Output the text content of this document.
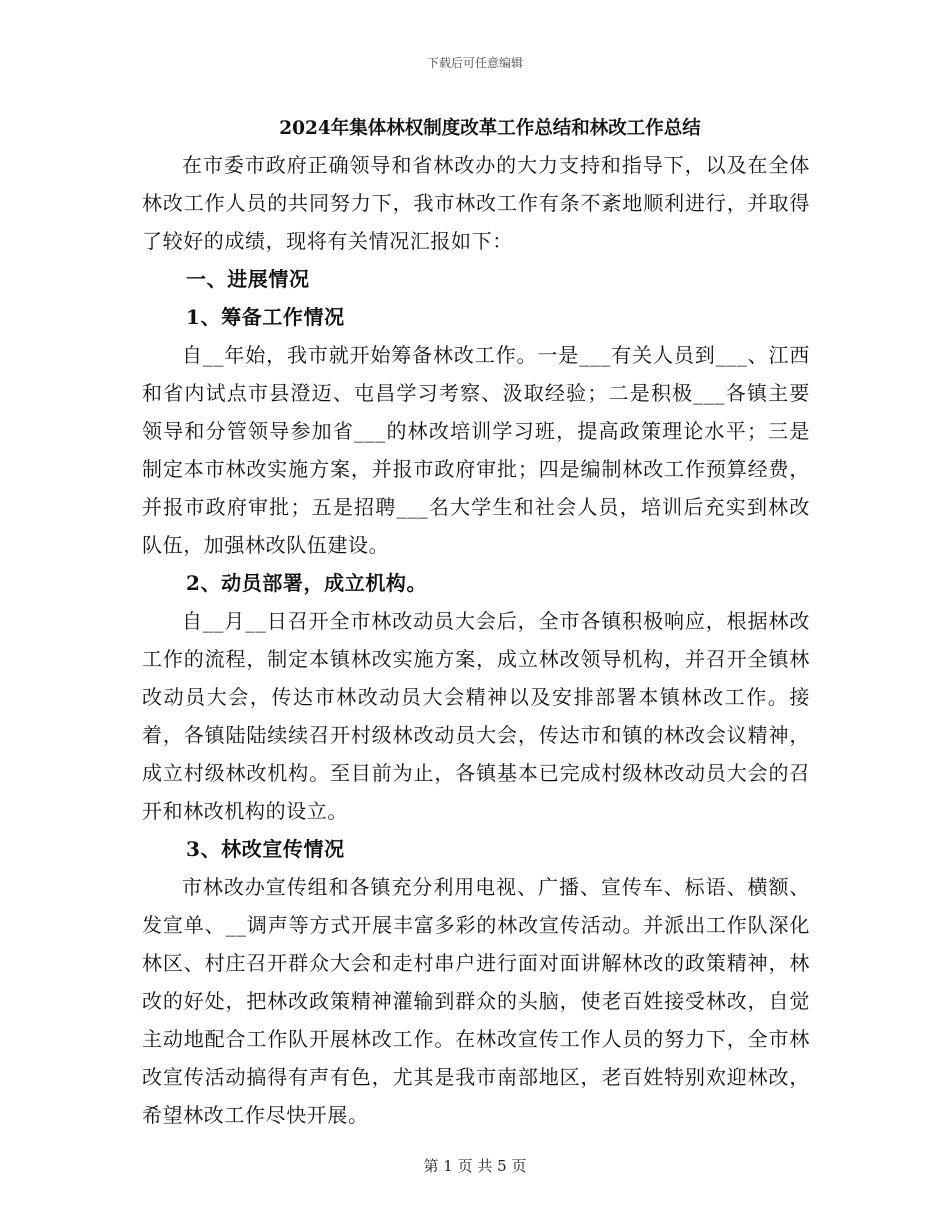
下载后可任意编辑

2024年集体林权制度改革工作总结和林改工作总结

在市委市政府正确领导和省林改办的大力支持和指导下，以及在全体林改工作人员的共同努力下，我市林改工作有条不紊地顺利进行，并取得了较好的成绩，现将有关情况汇报如下：

一、进展情况

1、筹备工作情况

自__年始，我市就开始筹备林改工作。一是___有关人员到___、江西和省内试点市县澄迈、屯昌学习考察、汲取经验；二是积极___各镇主要领导和分管领导参加省___的林改培训学习班，提高政策理论水平；三是制定本市林改实施方案，并报市政府审批；四是编制林改工作预算经费，并报市政府审批；五是招聘___名大学生和社会人员，培训后充实到林改队伍，加强林改队伍建设。

2、动员部署，成立机构。

自__月__日召开全市林改动员大会后，全市各镇积极响应，根据林改工作的流程，制定本镇林改实施方案，成立林改领导机构，并召开全镇林改动员大会，传达市林改动员大会精神以及安排部署本镇林改工作。接着，各镇陆陆续续召开村级林改动员大会，传达市和镇的林改会议精神，成立村级林改机构。至目前为止，各镇基本已完成村级林改动员大会的召开和林改机构的设立。

3、林改宣传情况

市林改办宣传组和各镇充分利用电视、广播、宣传车、标语、横额、发宣单、__调声等方式开展丰富多彩的林改宣传活动。并派出工作队深化林区、村庄召开群众大会和走村串户进行面对面讲解林改的政策精神，林改的好处，把林改政策精神灌输到群众的头脑，使老百姓接受林改，自觉主动地配合工作队开展林改工作。在林改宣传工作人员的努力下，全市林改宣传活动搞得有声有色，尤其是我市南部地区，老百姓特别欢迎林改，希望林改工作尽快开展。

第 1 页 共 5 页
